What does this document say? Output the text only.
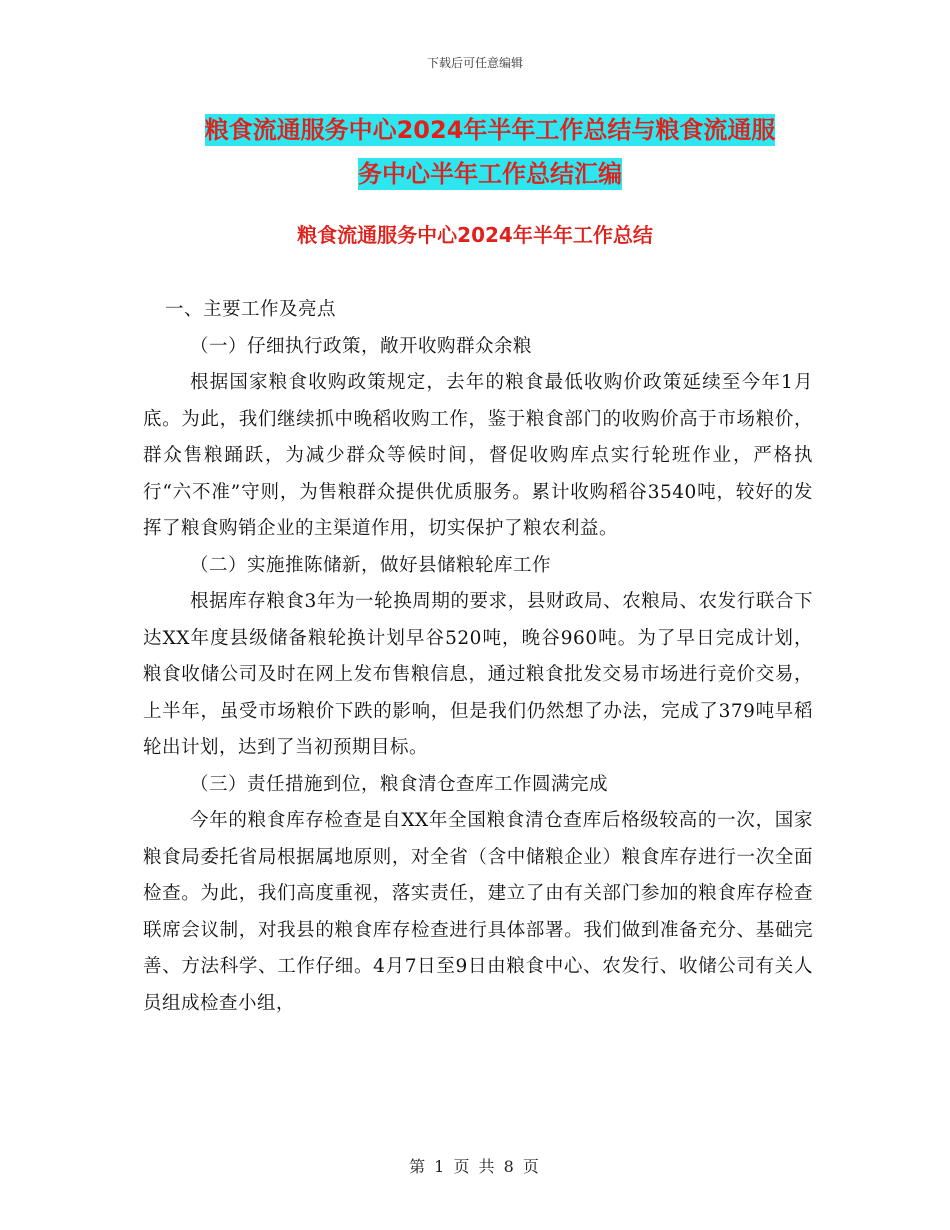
下载后可任意编辑
粮食流通服务中心2024年半年工作总结与粮食流通服
务中心半年工作总结汇编
粮食流通服务中心2024年半年工作总结

一、主要工作及亮点

（一）仔细执行政策，敞开收购群众余粮

根据国家粮食收购政策规定，去年的粮食最低收购价政策延续至今年1月底。为此，我们继续抓中晚稻收购工作，鉴于粮食部门的收购价高于市场粮价，群众售粮踊跃，为减少群众等候时间，督促收购库点实行轮班作业，严格执行“六不准”守则，为售粮群众提供优质服务。累计收购稻谷3540吨，较好的发挥了粮食购销企业的主渠道作用，切实保护了粮农利益。

（二）实施推陈储新，做好县储粮轮库工作

根据库存粮食3年为一轮换周期的要求，县财政局、农粮局、农发行联合下达XX年度县级储备粮轮换计划早谷520吨，晚谷960吨。为了早日完成计划，粮食收储公司及时在网上发布售粮信息，通过粮食批发交易市场进行竞价交易，上半年，虽受市场粮价下跌的影响，但是我们仍然想了办法，完成了379吨早稻轮出计划，达到了当初预期目标。

（三）责任措施到位，粮食清仓查库工作圆满完成

今年的粮食库存检查是自XX年全国粮食清仓查库后格级较高的一次，国家粮食局委托省局根据属地原则，对全省（含中储粮企业）粮食库存进行一次全面检查。为此，我们高度重视，落实责任，建立了由有关部门参加的粮食库存检查联席会议制，对我县的粮食库存检查进行具体部署。我们做到准备充分、基础完善、方法科学、工作仔细。4月7日至9日由粮食中心、农发行、收储公司有关人员组成检查小组，

第 1 页 共 8 页
